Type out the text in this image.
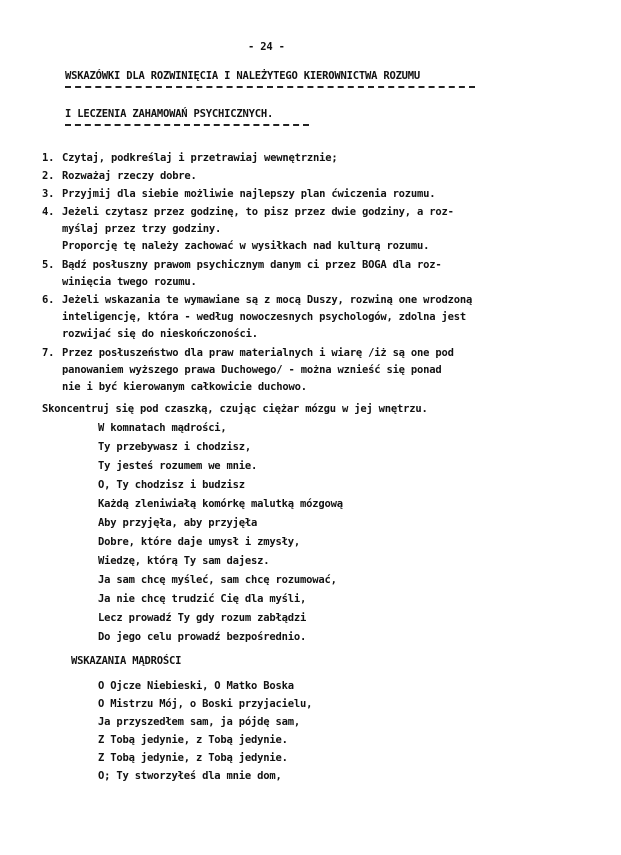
- 24 -
WSKAZÓWKI DLA ROZWINIĘCIA I NALEŻYTEGO KIEROWNICTWA ROZUMU
I LECZENIA ZAHAMOWAŃ PSYCHICZNYCH.
1. Czytaj, podkreślaj i przetrawiaj wewnętrznie;
2. Rozważaj rzeczy dobre.
3. Przyjmij dla siebie możliwie najlepszy plan ćwiczenia rozumu.
4. Jeżeli czytasz przez godzinę, to pisz przez dwie godziny, a roz-
myślaj przez trzy godziny.
Proporcję tę należy zachować w wysiłkach nad kulturą rozumu.
5. Bądź posłuszny prawom psychicznym danym ci przez BOGA dla roz-
winięcia twego rozumu.
6. Jeżeli wskazania te wymawiane są z mocą Duszy, rozwiną one wrodzoną
inteligencję, która - według nowoczesnych psychologów, zdolna jest
rozwijać się do nieskończoności.
7. Przez posłuszeństwo dla praw materialnych i wiarę /iż są one pod
panowaniem wyższego prawa Duchowego/ - można wznieść się ponad
nie i być kierowanym całkowicie duchowo.
Skoncentruj się pod czaszką, czując ciężar mózgu w jej wnętrzu.
W komnatach mądrości,
Ty przebywasz i chodzisz,
Ty jesteś rozumem we mnie.
O, Ty chodzisz i budzisz
Każdą zleniwiałą komórkę malutką mózgową
Aby przyjęła, aby przyjęła
Dobre, które daje umysł i zmysły,
Wiedzę, którą Ty sam dajesz.
Ja sam chcę myśleć, sam chcę rozumować,
Ja nie chcę trudzić Cię dla myśli,
Lecz prowadź Ty gdy rozum zabłądzi
Do jego celu prowadź bezpośrednio.
WSKAZANIA MĄDROŚCI
O Ojcze Niebieski, O Matko Boska
O Mistrzu Mój, o Boski przyjacielu,
Ja przyszedłem sam, ja pójdę sam,
Z Tobą jedynie, z Tobą jedynie.
Z Tobą jedynie, z Tobą jedynie.
O; Ty stworzyłeś dla mnie dom,
